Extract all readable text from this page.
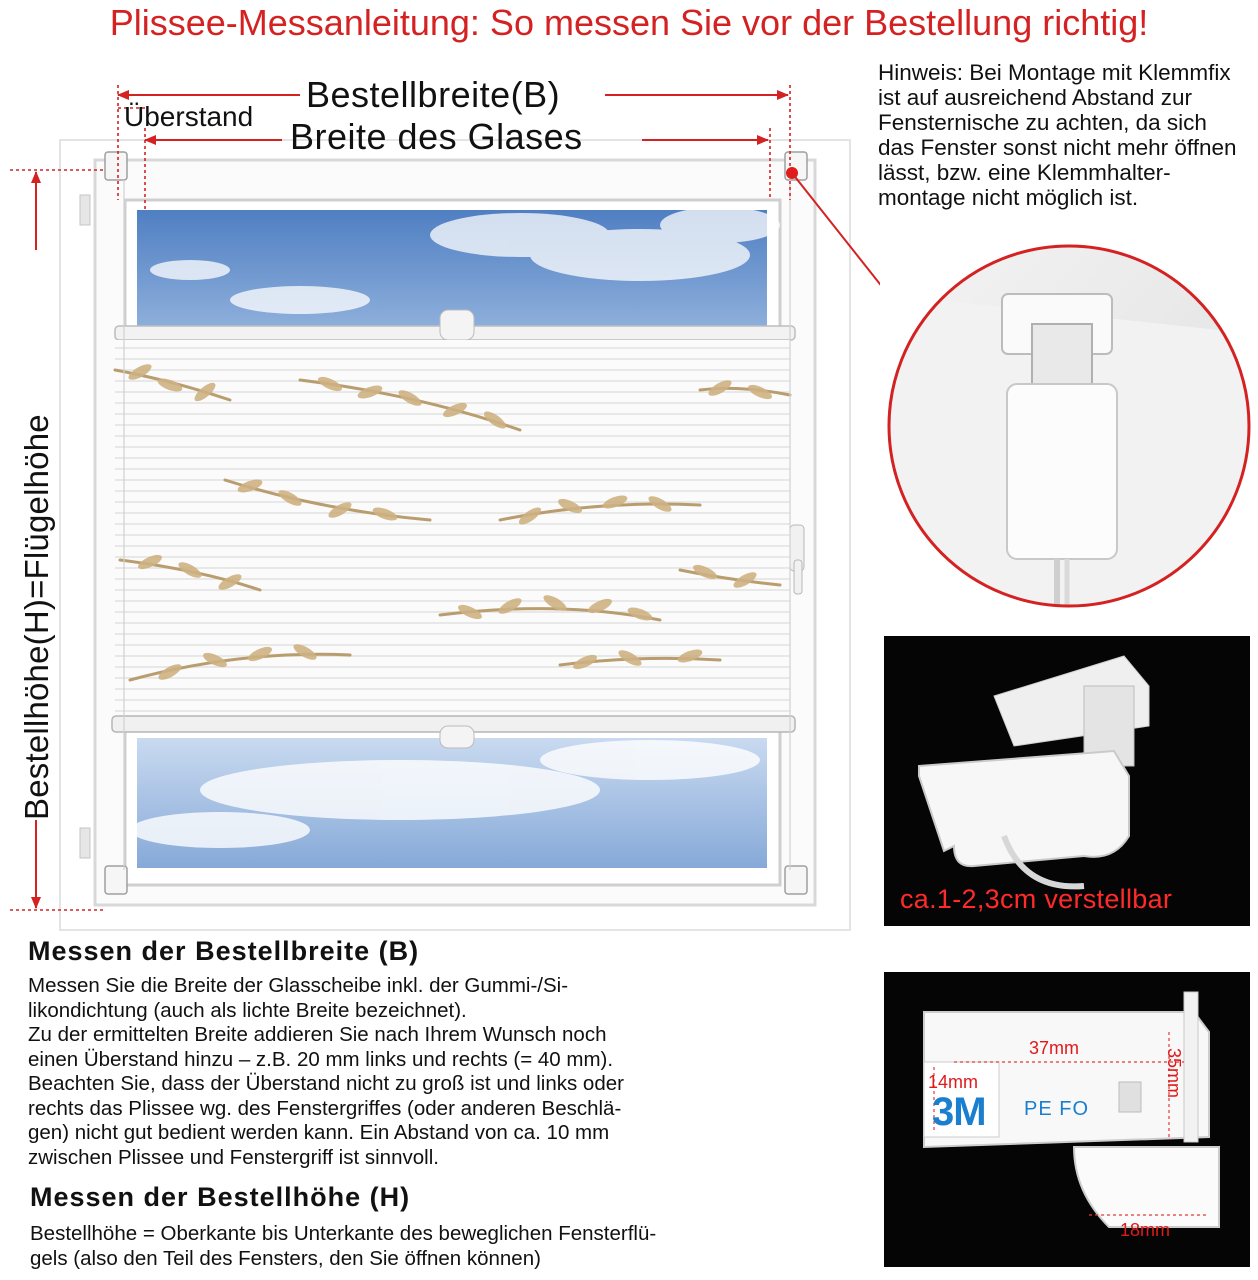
Plissee-Messanleitung: So messen Sie vor der Bestellung richtig!
Bestellbreite(B)
Überstand Breite des Glases
Bestellhöhe(H)=Flügelhöhe
Hinweis: Bei Montage mit Klemmfix ist auf ausreichend Abstand zur Fensternische zu achten, da sich das Fenster sonst nicht mehr öffnen lässt, bzw. eine Klemmhalter-montage nicht möglich ist.
ca.1-2,3cm verstellbar
3M PE FO
37mm	35mm
14mm
18mm
Messen der Bestellbreite (B)
Messen Sie die Breite der Glasscheibe inkl. der Gummi-/Si-
likondichtung (auch als lichte Breite bezeichnet).
Zu der ermittelten Breite addieren Sie nach Ihrem Wunsch noch
einen Überstand hinzu – z.B. 20 mm links und rechts (= 40 mm).
Beachten Sie, dass der Überstand nicht zu groß ist und links oder
rechts das Plissee wg. des Fenstergriffes (oder anderen Beschlä-
gen) nicht gut bedient werden kann. Ein Abstand von ca. 10 mm
zwischen Plissee und Fenstergriff ist sinnvoll.
Messen der Bestellhöhe (H)
Bestellhöhe = Oberkante bis Unterkante des beweglichen Fensterflü-
gels (also den Teil des Fensters, den Sie öffnen können)
